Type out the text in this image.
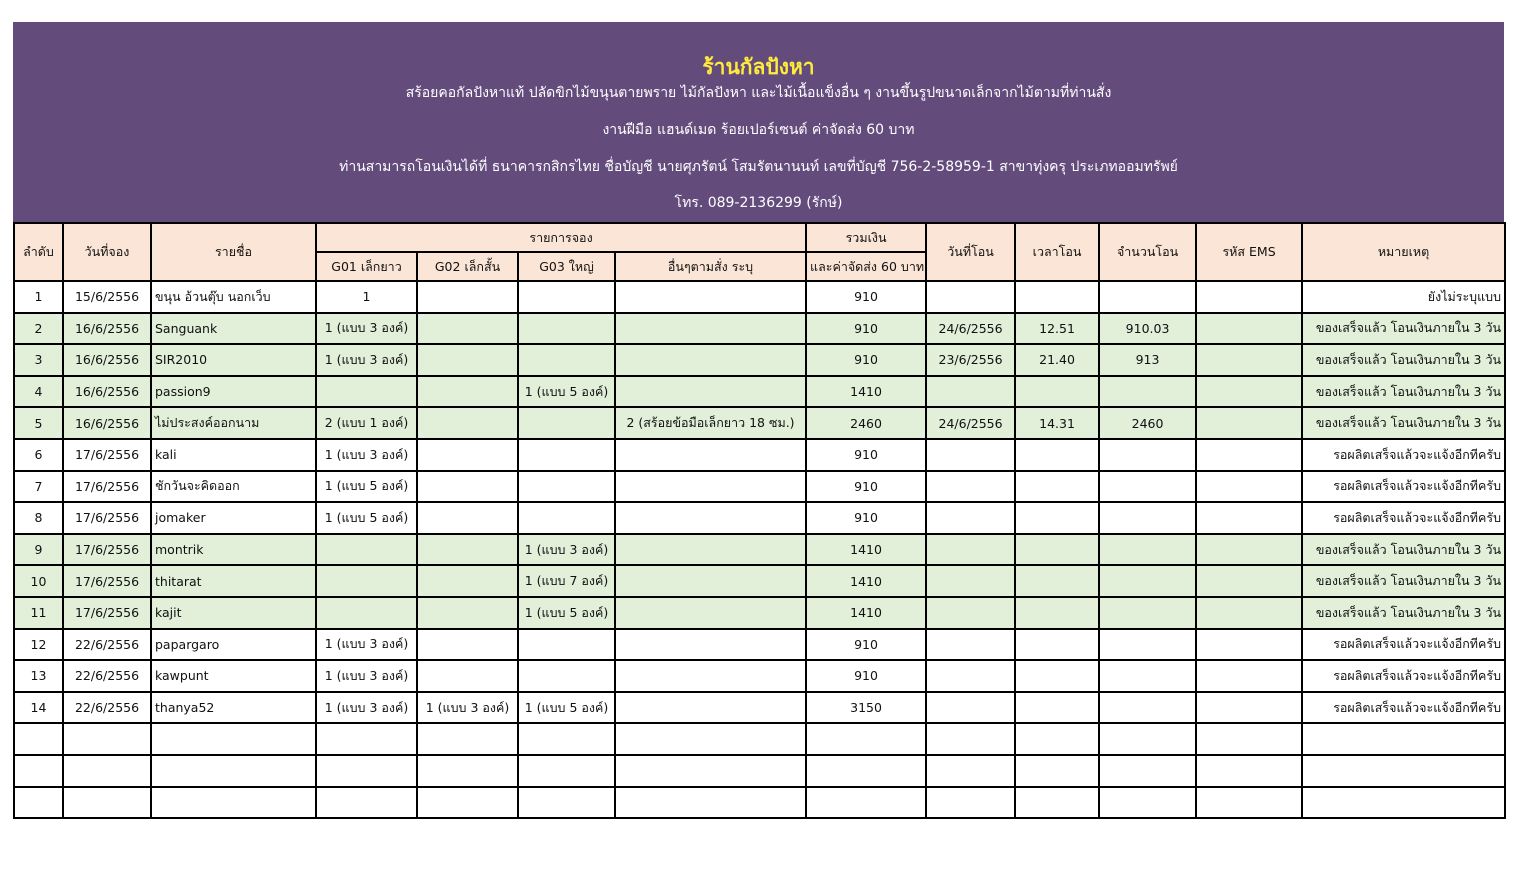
ร้านกัลปังหา
สร้อยคอกัลปังหาแท้ ปลัดขิกไม้ขนุนตายพราย ไม้กัลปังหา และไม้เนื้อแข็งอื่น ๆ งานขึ้นรูปขนาดเล็กจากไม้ตามที่ท่านสั่ง
งานฝีมือ แฮนด์เมด ร้อยเปอร์เซนต์ ค่าจัดส่ง 60 บาท
ท่านสามารถโอนเงินได้ที่ ธนาคารกสิกรไทย ชื่อบัญชี นายศุภรัตน์ โสมรัตนานนท์ เลขที่บัญชี 756-2-58959-1 สาขาทุ่งครุ ประเภทออมทรัพย์
โทร. 089-2136299 (รักษ์)
ลำดับ	วันที่จอง	รายชื่อ	รายการจอง				รวมเงิน	วันที่โอน	เวลาโอน	จำนวนโอน	รหัส EMS	หมายเหตุ
			G01 เล็กยาว	G02 เล็กสั้น	G03 ใหญ่	อื่นๆตามสั่ง ระบุ	และค่าจัดส่ง 60 บาท					
1	15/6/2556	ขนุน อ้วนตุ๊บ นอกเว็บ	1				910					ยังไม่ระบุแบบ
2	16/6/2556	Sanguank	1 (แบบ 3 องค์)				910	24/6/2556	12.51	910.03		ของเสร็จแล้ว โอนเงินภายใน 3 วัน
3	16/6/2556	SIR2010	1 (แบบ 3 องค์)				910	23/6/2556	21.40	913		ของเสร็จแล้ว โอนเงินภายใน 3 วัน
4	16/6/2556	passion9			1 (แบบ 5 องค์)		1410					ของเสร็จแล้ว โอนเงินภายใน 3 วัน
5	16/6/2556	ไม่ประสงค์ออกนาม	2 (แบบ 1 องค์)			2 (สร้อยข้อมือเล็กยาว 18 ซม.)	2460	24/6/2556	14.31	2460		ของเสร็จแล้ว โอนเงินภายใน 3 วัน
6	17/6/2556	kali	1 (แบบ 3 องค์)				910					รอผลิตเสร็จแล้วจะแจ้งอีกทีครับ
7	17/6/2556	ชักวันจะคิดออก	1 (แบบ 5 องค์)				910					รอผลิตเสร็จแล้วจะแจ้งอีกทีครับ
8	17/6/2556	jomaker	1 (แบบ 5 องค์)				910					รอผลิตเสร็จแล้วจะแจ้งอีกทีครับ
9	17/6/2556	montrik			1 (แบบ 3 องค์)		1410					ของเสร็จแล้ว โอนเงินภายใน 3 วัน
10	17/6/2556	thitarat			1 (แบบ 7 องค์)		1410					ของเสร็จแล้ว โอนเงินภายใน 3 วัน
11	17/6/2556	kajit			1 (แบบ 5 องค์)		1410					ของเสร็จแล้ว โอนเงินภายใน 3 วัน
12	22/6/2556	papargaro	1 (แบบ 3 องค์)				910					รอผลิตเสร็จแล้วจะแจ้งอีกทีครับ
13	22/6/2556	kawpunt	1 (แบบ 3 องค์)				910					รอผลิตเสร็จแล้วจะแจ้งอีกทีครับ
14	22/6/2556	thanya52	1 (แบบ 3 องค์)	1 (แบบ 3 องค์)	1 (แบบ 5 องค์)		3150					รอผลิตเสร็จแล้วจะแจ้งอีกทีครับ
